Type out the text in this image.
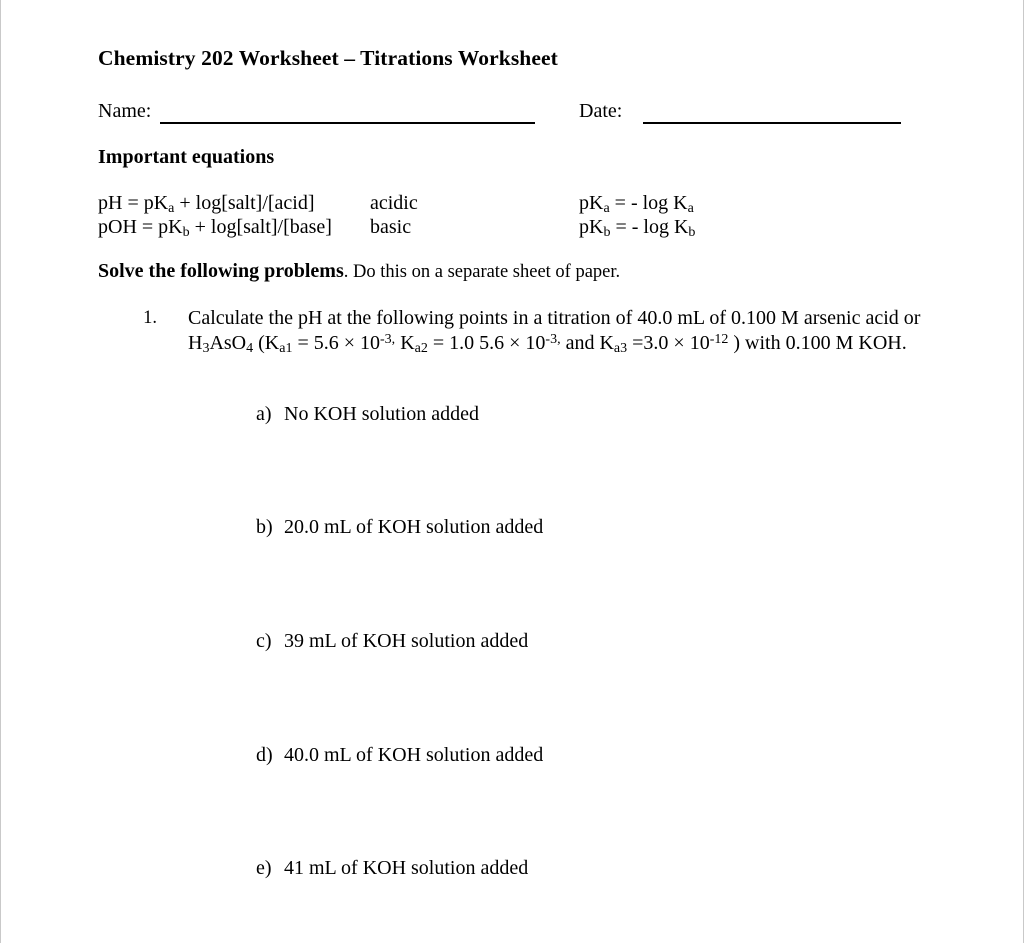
Chemistry 202 Worksheet – Titrations Worksheet
Name:	Date:
Important equations
pH = $pK_a$ + log[salt]/[acid]	acidic	$pK_a$ = - $\log K_a$
pOH = $pK_b$ + log[salt]/[base] basic	$pK_b$ = - $\log K_b$
Solve the following problems. Do this on a separate sheet of paper.
1. Calculate the pH at the following points in a titration of 40.0 mL of 0.100 M arsenic acid or $H_3AsO_4$ ($K_{a1} = 5.6 \times 10^{-3,}$ $K_{a2} = 1.0$ $5.6 \times 10^{-3,}$ and $K_{a3} =3.0 \times 10^{-12}$ ) with 0.100 M KOH.
a) No KOH solution added
b) 20.0 mL of KOH solution added
c) 39 mL of KOH solution added
d) 40.0 mL of KOH solution added
e) 41 mL of KOH solution added
